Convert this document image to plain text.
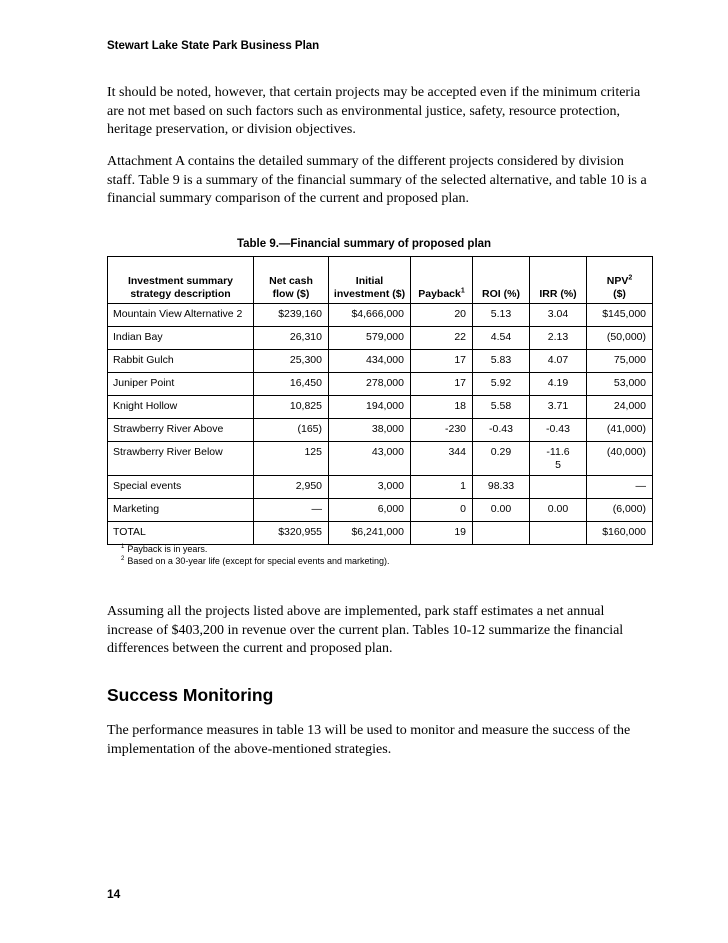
Stewart Lake State Park Business Plan

It should be noted, however, that certain projects may be accepted even if the minimum criteria are not met based on such factors such as environmental justice, safety, resource protection, heritage preservation, or division objectives.

Attachment A contains the detailed summary of the different projects considered by division staff. Table 9 is a summary of the financial summary of the selected alternative, and table 10 is a financial summary comparison of the current and proposed plan.

Table 9.—Financial summary of proposed plan
Investment summary strategy description	Net cash flow ($)	Initial investment ($)	Payback$^1$	ROI (%)	IRR (%)	NPV$^2$
($)
Mountain View Alternative 2	$239,160	$4,666,000	20	5.13	3.04	$145,000
Indian Bay	26,310	579,000	22	4.54	2.13	(50,000)
Rabbit Gulch	25,300	434,000	17	5.83	4.07	75,000
Juniper Point	16,450	278,000	17	5.92	4.19	53,000
Knight Hollow	10,825	194,000	18	5.58	3.71	24,000
Strawberry River Above	(165)	38,000	-230	-0.43	-0.43	(41,000)
Strawberry River Below	125	43,000	344	0.29	-11.6
5	(40,000)
Special events	2,950	3,000	1	98.33		—
Marketing	—	6,000	0	0.00	0.00	(6,000)
TOTAL	$320,955	$6,241,000	19			$160,000
$^1$ Payback is in years.
$^2$ Based on a 30-year life (except for special events and marketing).

Assuming all the projects listed above are implemented, park staff estimates a net annual increase of $403,200 in revenue over the current plan. Tables 10-12 summarize the financial differences between the current and proposed plan.

Success Monitoring

The performance measures in table 13 will be used to monitor and measure the success of the implementation of the above-mentioned strategies.

14
